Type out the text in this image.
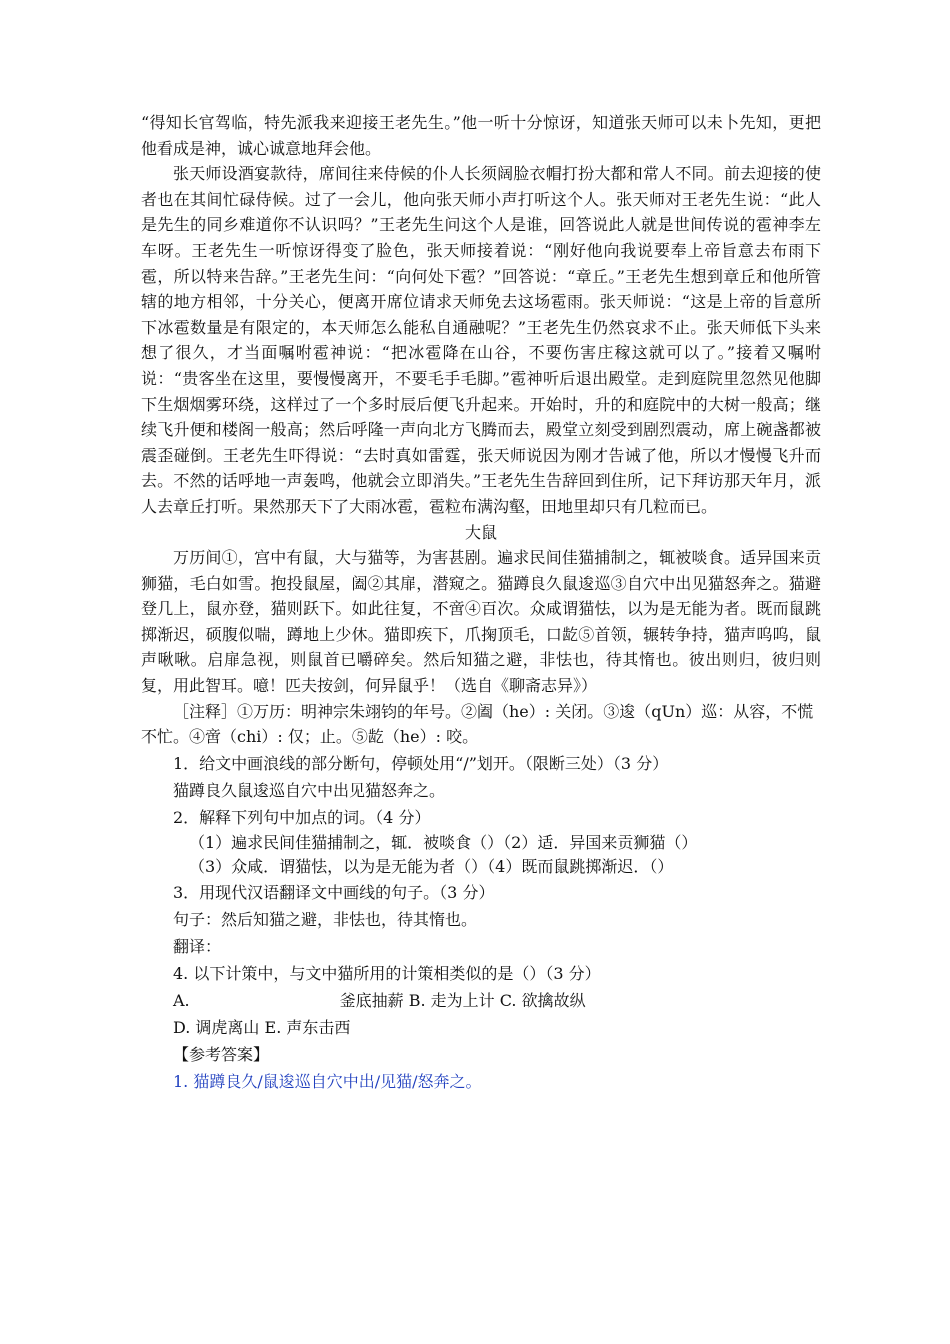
“得知长官驾临，特先派我来迎接王老先生。”他一听十分惊讶，知道张天师可以未卜先知，更把他看成是神，诚心诚意地拜会他。

张天师设酒宴款待，席间往来侍候的仆人长须阔脸衣帽打扮大都和常人不同。前去迎接的使者也在其间忙碌侍候。过了一会儿，他向张天师小声打听这个人。张天师对王老先生说：“此人是先生的同乡难道你不认识吗？”王老先生问这个人是谁，回答说此人就是世间传说的雹神李左车呀。王老先生一听惊讶得变了脸色，张天师接着说：“刚好他向我说要奉上帝旨意去布雨下雹，所以特来告辞。”王老先生问：“向何处下雹？”回答说：“章丘。”王老先生想到章丘和他所管辖的地方相邻，十分关心，便离开席位请求天师免去这场雹雨。张天师说：“这是上帝的旨意所下冰雹数量是有限定的，本天师怎么能私自通融呢？”王老先生仍然哀求不止。张天师低下头来想了很久，才当面嘱咐雹神说：“把冰雹降在山谷，不要伤害庄稼这就可以了。”接着又嘱咐说：“贵客坐在这里，要慢慢离开，不要毛手毛脚。”雹神听后退出殿堂。走到庭院里忽然见他脚下生烟烟雾环绕，这样过了一个多时辰后便飞升起来。开始时，升的和庭院中的大树一般高；继续飞升便和楼阁一般高；然后呼隆一声向北方飞腾而去，殿堂立刻受到剧烈震动，席上碗盏都被震歪碰倒。王老先生吓得说：“去时真如雷霆，张天师说因为刚才告诫了他，所以才慢慢飞升而去。不然的话呼地一声轰鸣，他就会立即消失。”王老先生告辞回到住所，记下拜访那天年月，派人去章丘打听。果然那天下了大雨冰雹，雹粒布满沟壑，田地里却只有几粒而已。

大鼠

万历间①，宫中有鼠，大与猫等，为害甚剧。遍求民间佳猫捕制之，辄被啖食。适异国来贡狮猫，毛白如雪。抱投鼠屋，阖②其扉，潜窥之。猫蹲良久鼠逡巡③自穴中出见猫怒奔之。猫避登几上，鼠亦登，猫则跃下。如此往复，不啻④百次。众咸谓猫怯，以为是无能为者。既而鼠跳掷渐迟，硕腹似喘，蹲地上少休。猫即疾下，爪掬顶毛，口龁⑤首领，辗转争持，猫声呜呜，鼠声啾啾。启扉急视，则鼠首已嚼碎矣。然后知猫之避，非怯也，待其惰也。彼出则归，彼归则复，用此智耳。噫！匹夫按剑，何异鼠乎！（选自《聊斋志异》）

［注释］①万历：明神宗朱翊钧的年号。②阖（he）: 关闭。③逡（qUn）巡：从容，不慌不忙。④啻（chi）: 仅；止。⑤龁（he）: 咬。

1．给文中画浪线的部分断句，停顿处用“/”划开。（限断三处）（3 分）

猫蹲良久鼠逡巡自穴中出见猫怒奔之。

2．解释下列句中加点的词。（4 分）

（1）遍求民间佳猫捕制之，辄．被啖食（）（2）适．异国来贡狮猫（）

（3）众咸．谓猫怯，以为是无能为者（）（4）既而鼠跳掷渐迟．（）

3．用现代汉语翻译文中画线的句子。（3 分）

句子：然后知猫之避，非怯也，待其惰也。

翻译：

4. 以下计策中，与文中猫所用的计策相类似的是（）（3 分）

A.	釜底抽薪 B. 走为上计 C. 欲擒故纵

D. 调虎离山 E. 声东击西

【参考答案】

1. 猫蹲良久/鼠逡巡自穴中出/见猫/怒奔之。
